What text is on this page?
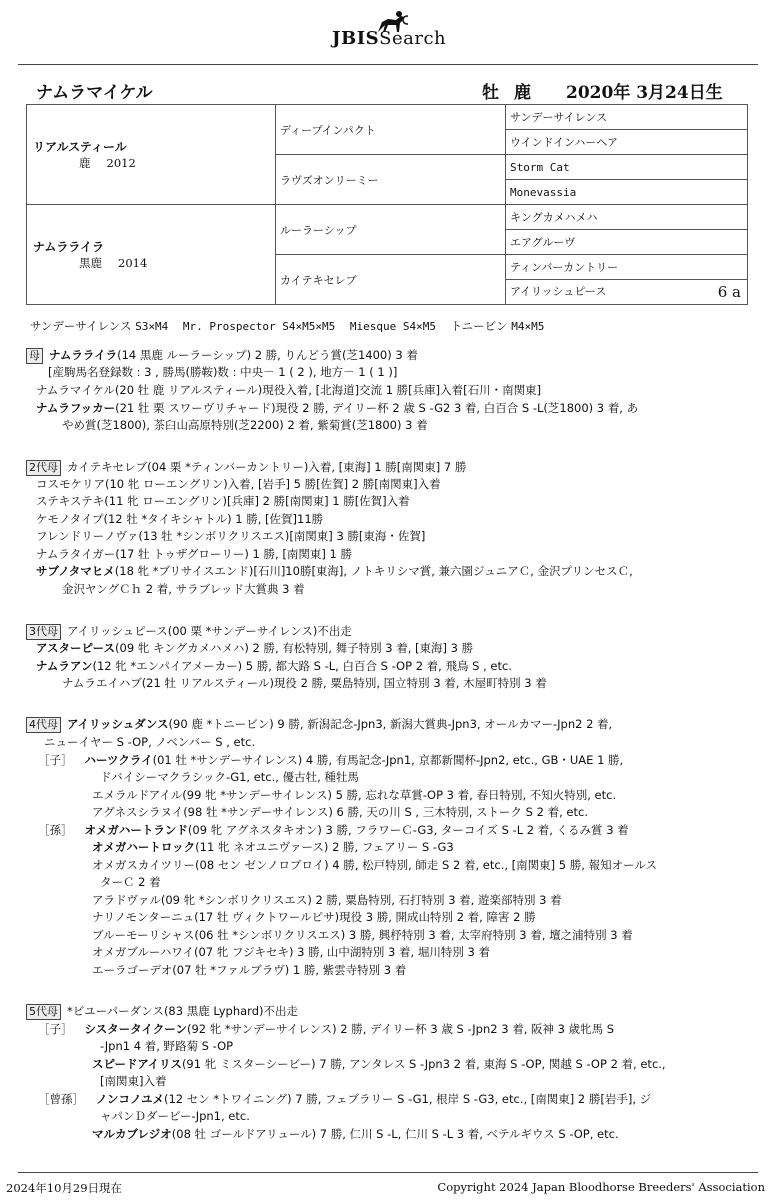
JBISSearch
ナムラマイケル	牡 鹿 2020年 3月24日生
リアルスティール
鹿 2012	ディープインパクト	サンデーサイレンス
		ウインドインハーヘア
	ラヴズオンリーミー	Storm Cat
		Monevassia

ナムラライラ
黒鹿 2014	ルーラーシップ	キングカメハメハ
		エアグルーヴ
	カイテキセレブ	ティンバーカントリー
		アイリッシュピース 6 a
サンデーサイレンス S3×M4 Mr. Prospector S4×M5×M5 Miesque S4×M5 トニービン M4×M5
母 ナムラライラ(14 黒鹿 ルーラーシップ) 2 勝, りんどう賞(芝1400) 3 着
[産駒馬名登録数 : 3 , 勝馬(勝鞍)数 : 中央－ 1 ( 2 ), 地方－ 1 ( 1 )]
ナムラマイケル(20 牡 鹿 リアルスティール)現役入着, [北海道]交流 1 勝[兵庫]入着[石川・南関東]
ナムラフッカー(21 牡 栗 スワーヴリチャード)現役 2 勝, デイリー杯 2 歳 S -G2 3 着, 白百合 S -L(芝1800) 3 着, あ
やめ賞(芝1800), 茶臼山高原特別(芝2200) 2 着, 紫菊賞(芝1800) 3 着
2代母 カイテキセレブ(04 栗 *ティンバーカントリー)入着, [東海] 1 勝[南関東] 7 勝
コスモケリア(10 牝 ローエングリン)入着, [岩手] 5 勝[佐賀] 2 勝[南関東]入着
ステキステキ(11 牝 ローエングリン)[兵庫] 2 勝[南関東] 1 勝[佐賀]入着
ケモノタイプ(12 牡 *タイキシャトル) 1 勝, [佐賀]11勝
フレンドリーノヴァ(13 牡 *シンボリクリスエス)[南関東] 3 勝[東海・佐賀]
ナムラタイガー(17 牡 トゥザグローリー) 1 勝, [南関東] 1 勝
サブノタマヒメ(18 牝 *ブリサイスエンド)[石川]10勝[東海], ノトキリシマ賞, 兼六園ジュニアＣ, 金沢プリンセスＣ,
金沢ヤングＣｈ 2 着, サラブレッド大賞典 3 着
3代母 アイリッシュピース(00 栗 *サンデーサイレンス)不出走
アスターピース(09 牝 キングカメハメハ) 2 勝, 有松特別, 舞子特別 3 着, [東海] 3 勝
ナムラアン(12 牝 *エンパイアメーカー) 5 勝, 都大路 S -L, 白百合 S -OP 2 着, 飛鳥 S , etc.
ナムラエイハブ(21 牡 リアルスティール)現役 2 勝, 粟島特別, 国立特別 3 着, 木屋町特別 3 着
4代母 アイリッシュダンス(90 鹿 *トニービン) 9 勝, 新潟記念-Jpn3, 新潟大賞典-Jpn3, オールカマー-Jpn2 2 着,
ニューイヤー S -OP, ノベンバー S , etc.
［子］ ハーツクライ(01 牡 *サンデーサイレンス) 4 勝, 有馬記念-Jpn1, 京都新聞杯-Jpn2, etc., GB・UAE 1 勝,
ドバイシーマクラシック-G1, etc., 優古牡, 種牡馬
エメラルドアイル(99 牝 *サンデーサイレンス) 5 勝, 忘れな草賞-OP 3 着, 春日特別, 不知火特別, etc.
アグネスシラヌイ(98 牡 *サンデーサイレンス) 6 勝, 天の川 S , 三木特別, ストーク S 2 着, etc.
［孫］ オメガハートランド(09 牝 アグネスタキオン) 3 勝, フラワーＣ-G3, ターコイズ S -L 2 着, くるみ賞 3 着
オメガハートロック(11 牝 ネオユニヴァース) 2 勝, フェアリー S -G3
オメガスカイツリー(08 セン ゼンノロブロイ) 4 勝, 松戸特別, 師走 S 2 着, etc., [南関東] 5 勝, 報知オールス
ターＣ 2 着
アラドヴァル(09 牝 *シンボリクリスエス) 2 勝, 粟島特別, 石打特別 3 着, 遊楽部特別 3 着
ナリノモンターニュ(17 牡 ヴィクトワールピサ)現役 3 勝, 開成山特別 2 着, 障害 2 勝
ブルーモーリシャス(06 牡 *シンボリクリスエス) 3 勝, 興杼特別 3 着, 太宰府特別 3 着, 壇之浦特別 3 着
オメガブルーハワイ(07 牝 フジキセキ) 3 勝, 山中湖特別 3 着, 堀川特別 3 着
エーラゴーデオ(07 牡 *ファルブラヴ) 1 勝, 紫雲寺特別 3 着
5代母 *ビユーパーダンス(83 黒鹿 Lyphard)不出走
［子］ シスタータイクーン(92 牝 *サンデーサイレンス) 2 勝, デイリー杯 3 歳 S -Jpn2 3 着, 阪神 3 歳牝馬 S
-Jpn1 4 着, 野路菊 S -OP
スピードアイリス(91 牝 ミスターシービー) 7 勝, アンタレス S -Jpn3 2 着, 東海 S -OP, 関越 S -OP 2 着, etc.,
[南関東]入着
［曾孫］ ノンコノユメ(12 セン *トワイニング) 7 勝, フェブラリー S -G1, 根岸 S -G3, etc., [南関東] 2 勝[岩手], ジ
ャパンＤダービー-Jpn1, etc.
マルカブレジオ(08 牡 ゴールドアリュール) 7 勝, 仁川 S -L, 仁川 S -L 3 着, ベテルギウス S -OP, etc.
2024年10月29日現在	Copyright 2024 Japan Bloodhorse Breeders' Association
